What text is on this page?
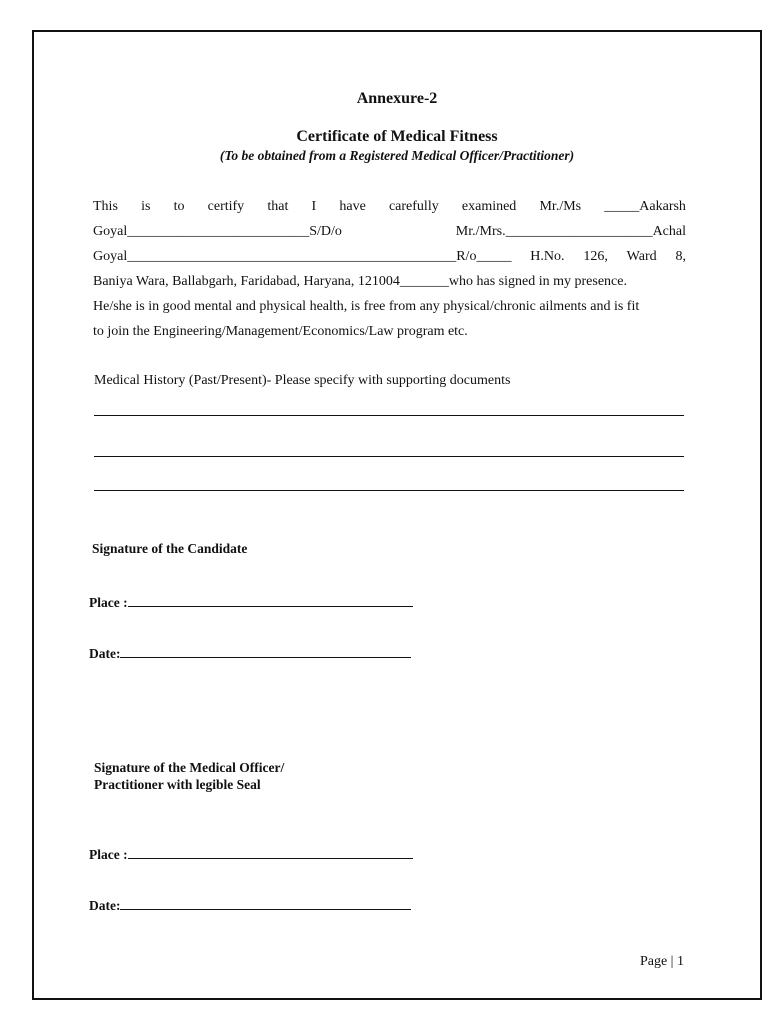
Annexure-2
Certificate of Medical Fitness
(To be obtained from a Registered Medical Officer/Practitioner)
This is to certify that I have carefully examined Mr./Ms _____Aakarsh
Goyal__________________________S/D/o	Mr./Mrs._____________________Achal
Goyal_______________________________________________R/o_____ H.No. 126, Ward 8,
Baniya Wara, Ballabgarh, Faridabad, Haryana, 121004_______who has signed in my presence.
He/she is in good mental and physical health, is free from any physical/chronic ailments and is fit
to join the Engineering/Management/Economics/Law program etc.
Medical History (Past/Present)- Please specify with supporting documents
Signature of the Candidate
Place :
Date:
Signature of the Medical Officer/
Practitioner with legible Seal
Place :
Date:
Page | 1
